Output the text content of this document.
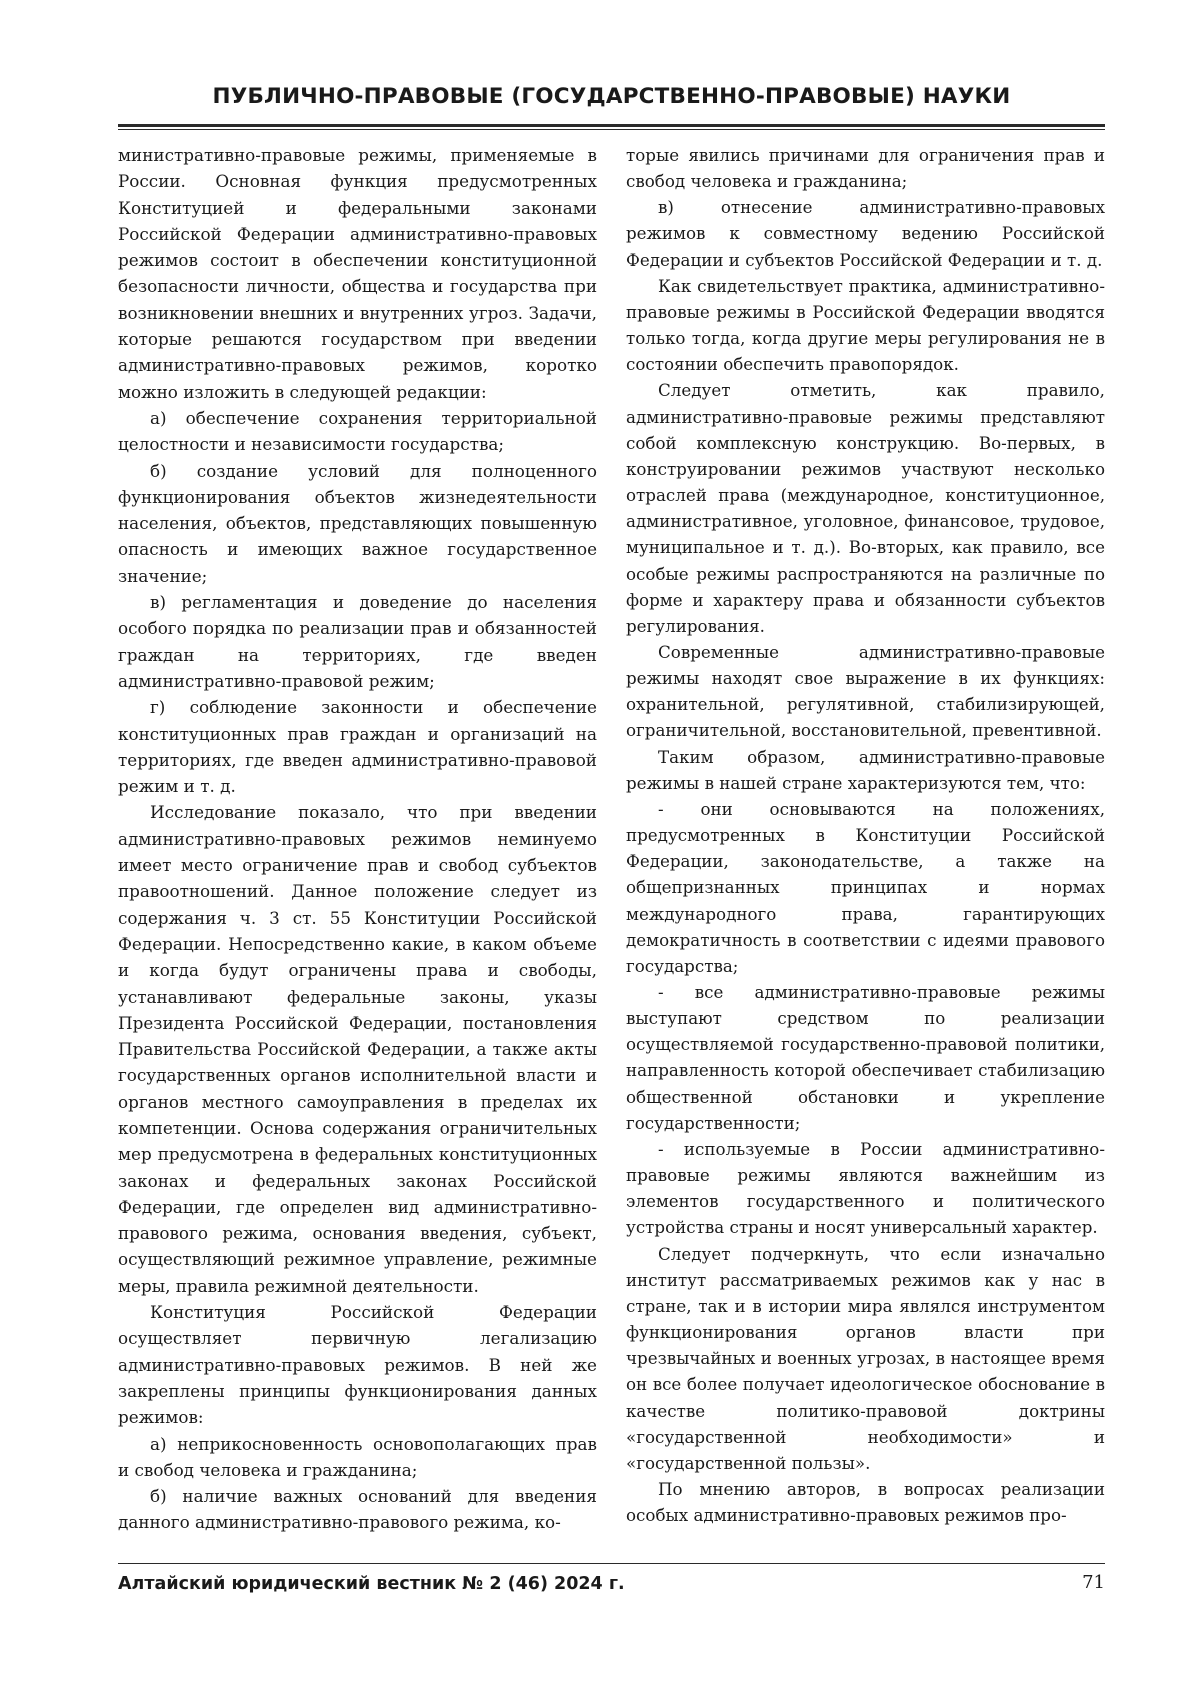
ПУБЛИЧНО-ПРАВОВЫЕ (ГОСУДАРСТВЕННО-ПРАВОВЫЕ) НАУКИ

министративно-правовые режимы, применяемые в России. Основная функция предусмотренных Конституцией и федеральными законами Российской Федерации административно-правовых режимов состоит в обеспечении конституционной безопасности личности, общества и государства при возникновении внешних и внутренних угроз. Задачи, которые решаются государством при введении административно-правовых режимов, коротко можно изложить в следующей редакции:

а) обеспечение сохранения территориальной целостности и независимости государства;

б) создание условий для полноценного функционирования объектов жизнедеятельности населения, объектов, представляющих повышенную опасность и имеющих важное государственное значение;

в) регламентация и доведение до населения особого порядка по реализации прав и обязанностей граждан на территориях, где введен административно-правовой режим;

г) соблюдение законности и обеспечение конституционных прав граждан и организаций на территориях, где введен административно-правовой режим и т. д.

Исследование показало, что при введении административно-правовых режимов неминуемо имеет место ограничение прав и свобод субъектов правоотношений. Данное положение следует из содержания ч. 3 ст. 55 Конституции Российской Федерации. Непосредственно какие, в каком объеме и когда будут ограничены права и свободы, устанавливают федеральные законы, указы Президента Российской Федерации, постановления Правительства Российской Федерации, а также акты государственных органов исполнительной власти и органов местного самоуправления в пределах их компетенции. Основа содержания ограничительных мер предусмотрена в федеральных конституционных законах и федеральных законах Российской Федерации, где определен вид административно-правового режима, основания введения, субъект, осуществляющий режимное управление, режимные меры, правила режимной деятельности.

Конституция Российской Федерации осуществляет первичную легализацию административно-правовых режимов. В ней же закреплены принципы функционирования данных режимов:

а) неприкосновенность основополагающих прав и свобод человека и гражданина;

б) наличие важных оснований для введения данного административно-правового режима, ко-

торые явились причинами для ограничения прав и свобод человека и гражданина;

в) отнесение административно-правовых режимов к совместному ведению Российской Федерации и субъектов Российской Федерации и т. д.

Как свидетельствует практика, административно-правовые режимы в Российской Федерации вводятся только тогда, когда другие меры регулирования не в состоянии обеспечить правопорядок.

Следует отметить, как правило, административно-правовые режимы представляют собой комплексную конструкцию. Во-первых, в конструировании режимов участвуют несколько отраслей права (международное, конституционное, административное, уголовное, финансовое, трудовое, муниципальное и т. д.). Во-вторых, как правило, все особые режимы распространяются на различные по форме и характеру права и обязанности субъектов регулирования.

Современные административно-правовые режимы находят свое выражение в их функциях: охранительной, регулятивной, стабилизирующей, ограничительной, восстановительной, превентивной.

Таким образом, административно-правовые режимы в нашей стране характеризуются тем, что:

- они основываются на положениях, предусмотренных в Конституции Российской Федерации, законодательстве, а также на общепризнанных принципах и нормах международного права, гарантирующих демократичность в соответствии с идеями правового государства;

- все административно-правовые режимы выступают средством по реализации осуществляемой государственно-правовой политики, направленность которой обеспечивает стабилизацию общественной обстановки и укрепление государственности;

- используемые в России административно-правовые режимы являются важнейшим из элементов государственного и политического устройства страны и носят универсальный характер.

Следует подчеркнуть, что если изначально институт рассматриваемых режимов как у нас в стране, так и в истории мира являлся инструментом функционирования органов власти при чрезвычайных и военных угрозах, в настоящее время он все более получает идеологическое обоснование в качестве политико-правовой доктрины «государственной необходимости» и «государственной пользы».

По мнению авторов, в вопросах реализации особых административно-правовых режимов про-

Алтайский юридический вестник № 2 (46) 2024 г.	71
